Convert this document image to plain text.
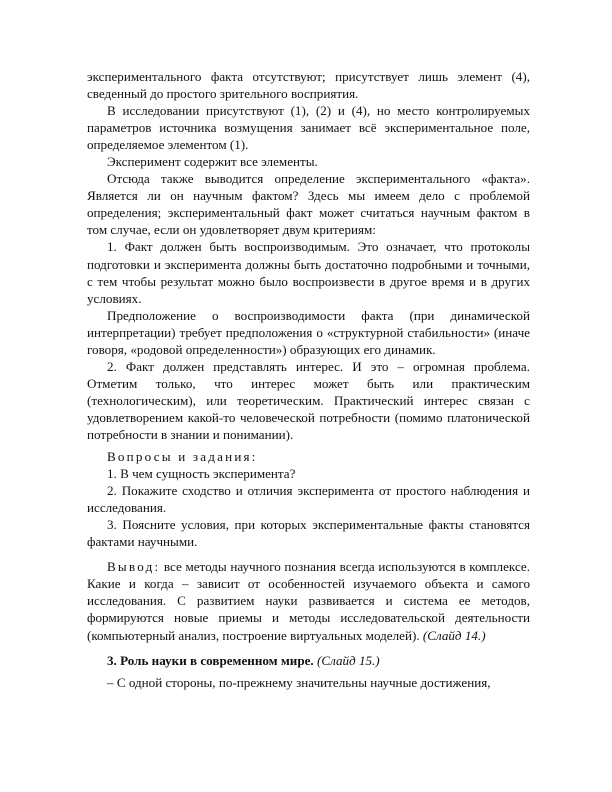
экспериментального факта отсутствуют; присутствует лишь элемент (4), сведенный до простого зрительного восприятия.

В исследовании присутствуют (1), (2) и (4), но место контролируемых параметров источника возмущения занимает всё экспериментальное поле, определяемое элементом (1).

Эксперимент содержит все элементы.

Отсюда также выводится определение экспериментального «факта». Является ли он научным фактом? Здесь мы имеем дело с проблемой определения; экспериментальный факт может считаться научным фактом в том случае, если он удовлетворяет двум критериям:

1. Факт должен быть воспроизводимым. Это означает, что протоколы подготовки и эксперимента должны быть достаточно подробными и точными, с тем чтобы результат можно было воспроизвести в другое время и в других условиях.

Предположение о воспроизводимости факта (при динамической интерпретации) требует предположения о «структурной стабильности» (иначе говоря, «родовой определенности») образующих его динамик.

2. Факт должен представлять интерес. И это – огромная проблема. Отметим только, что интерес может быть или практическим (технологическим), или теоретическим. Практический интерес связан с удовлетворением какой-то человеческой потребности (помимо платонической потребности в знании и понимании).

Вопросы и задания:

1. В чем сущность эксперимента?

2. Покажите сходство и отличия эксперимента от простого наблюдения и исследования.

3. Поясните условия, при которых экспериментальные факты становятся фактами научными.

Вывод: все методы научного познания всегда используются в комплексе. Какие и когда – зависит от особенностей изучаемого объекта и самого исследования. С развитием науки развивается и система ее методов, формируются новые приемы и методы исследовательской деятельности (компьютерный анализ, построение виртуальных моделей). (Слайд 14.)

3. Роль науки в современном мире. (Слайд 15.)

– С одной стороны, по-прежнему значительны научные достижения,
